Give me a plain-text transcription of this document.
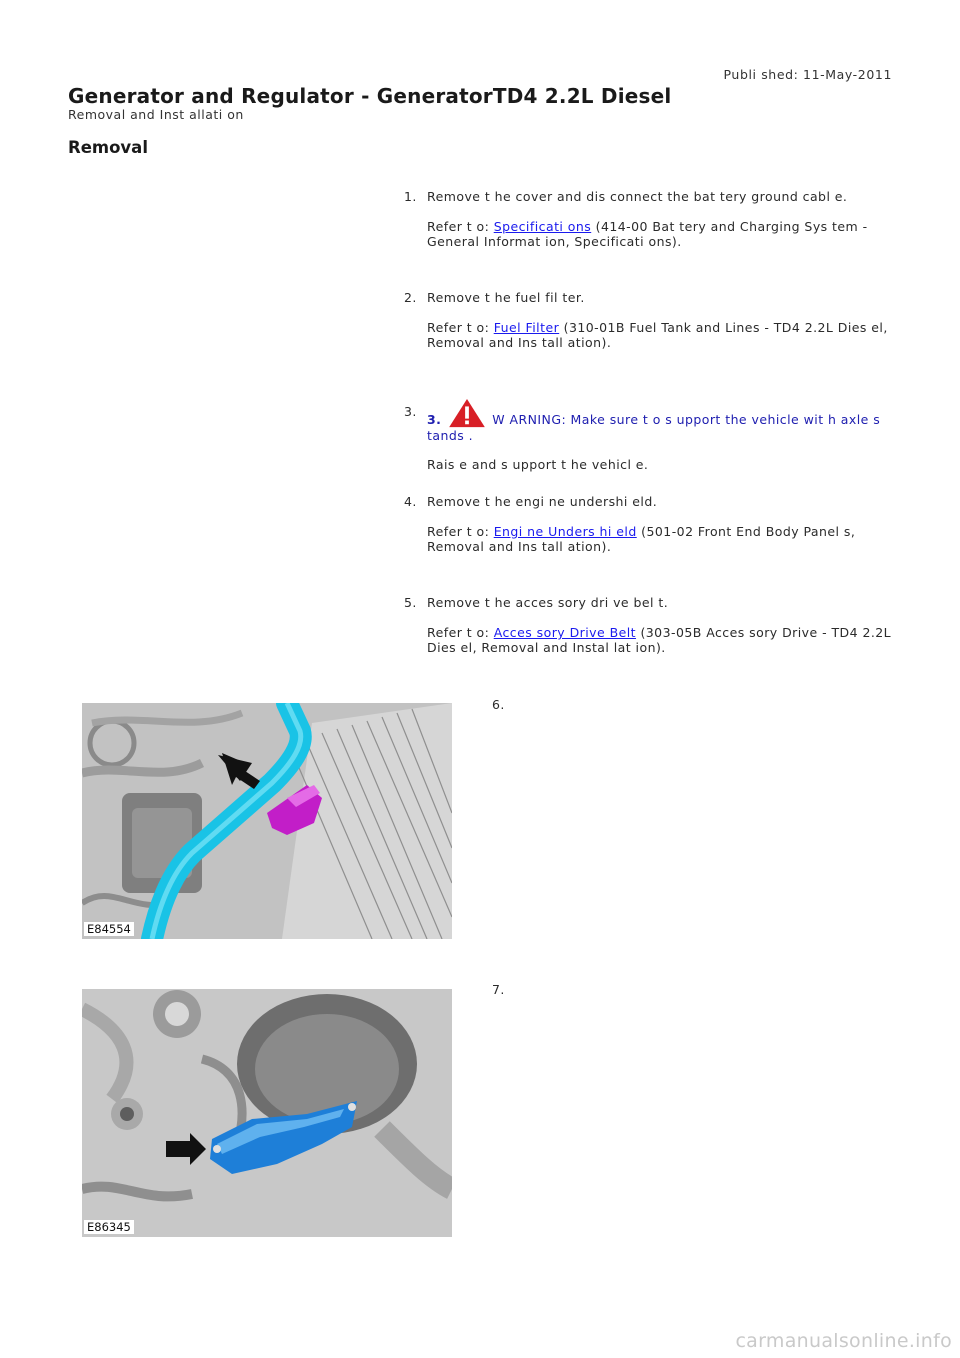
Publi shed: 11-May-2011
Generator and Regulator - GeneratorTD4 2.2L Diesel
Removal and Inst allati on
Removal
1. Remove t he cover and dis connect the bat tery ground cabl e.

Refer t o: Specificati ons (414-00 Bat tery and Charging Sys tem - General Informat ion, Specificati ons).

2. Remove t he fuel fil ter.

Refer t o: Fuel Filter (310-01B Fuel Tank and Lines - TD4 2.2L Dies el, Removal and Ins tall ation).

3.

3.	W ARNING: Make sure t o s upport the vehicle wit h axle s tands .

Rais e and s upport t he vehicl e.

4. Remove t he engi ne undershi eld.

Refer t o: Engi ne Unders hi eld (501-02 Front End Body Panel s, Removal and Ins tall ation).

5. Remove t he acces sory dri ve bel t.

Refer t o: Acces sory Drive Belt (303-05B Acces sory Drive - TD4 2.2L Dies el, Removal and Instal lat ion).

E84554
6.
E86345
7.
carmanualsonline.info
